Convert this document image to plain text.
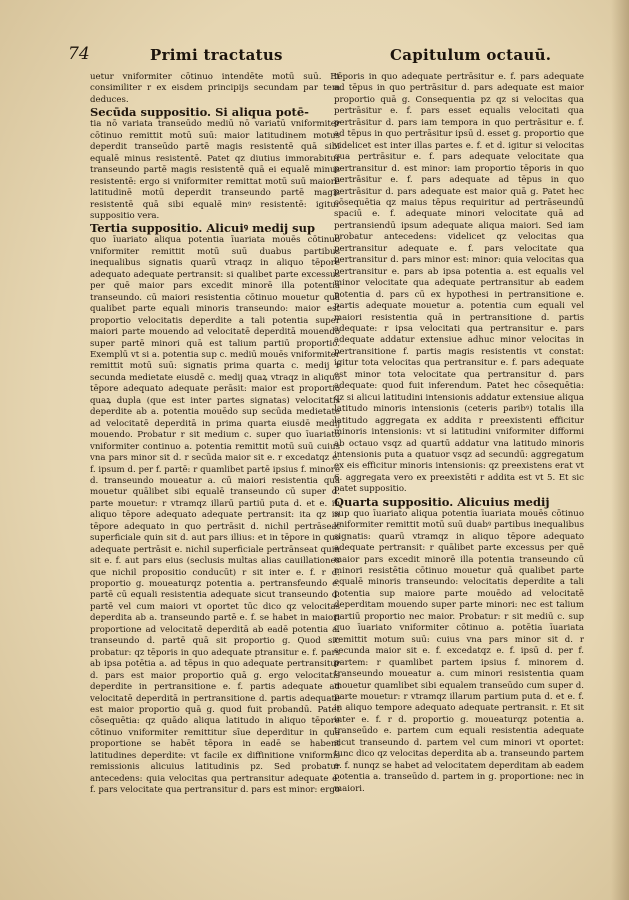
74	Primi tractatus	Capitulum octauū.

uetur vniformiter cōtinuo intendēte motū suū. Et consimiliter r ex eisdem principijs secundam par tem deduces.

Secūda suppositio. Si aliqua potē-

tia nō variata transeūdo mediū nō variatū vniformiter cōtinuo remittit motū suū: maior latitudinem motus deperdit transeūdo partē magis resistentē quā sibi equalē minus resistentē. Patet qz diutius immorabitur transeundo partē magis resistentē quā ei equalē minus resistentē: ergo si vniformiter remittat motū suū maiorē latitudinē motū deperdit transeundo partē magis resistentē quā sibi equalē minꝰ resistentē: igitur suppositio vera.

Tertia suppositio. Alicuiꝰ medij sup

quo īuariato aliqua potentia īuariata mouēs cōtinuo vniformiter remittit motū suū duabus partibus inequalibus signatis quarū vtraqz in aliquo tēpore adequato adequate pertransit: si qualibet parte excessus per quē maior pars excedit minorē illa potentia transeundo. cū maiori resistentia cōtinuo mouetur quā qualibet parte equali minoris transeundo: maior est proportio velocitatis deperdite a tali potentia super maiori parte mouendo ad velocitatē deperditā mouendo super partē minori quā est talium partiū proportio. Exemplū vt si a. potentia sup c. mediū mouēs vniformiter remittit motū suū: signatis prima quarta c. medij r secunda medietate eiusdē c. medij quaꝝ vtraqz in aliquo tēpore adequato adequate perāsit: maior est proportio quaꝝ dupla (que est inter partes signatas) velocitatis deperdite ab a. potentia mouēdo sup secūda medietate ad velocitatē deperditā in prima quarta eiusdē medij mouendo. Probatur r sit medium c. super quo īuariato vniformiter continuo a. potentia remittit motū suū cuius vna pars minor sit d. r secūda maior sit e. r excedatqz e. f. ipsum d. per f. partē: r quamlibet partē ipsius f. minorē d. transeundo moueatur a. cū maiori resistentia quā mouetur quālibet sibi equalē transeundo cū super d. parte mouetur: r vtramqz illarū partiū puta d. et e. in aliquo tēpore adequato adequate pertransit: ita qz in tēpore adequato in quo pertrāsit d. nichil pertrāseat superficiale quin sit d. aut pars illius: et in tēpore in quo adequate pertrāsit e. nichil superficiale pertrānseat quin sit e. f. aut pars eius (seclusis multas alias cauillationes que nichil propositio conducūt) r sit inter e. f. r d. proportio g. moueaturqz potentia a. pertransfeundo e. partē cū equali resistentia adequate sicut transeundo d. partē vel cum maiori vt oportet tūc dico qz velocitas deperdita ab a. transeundo partē e. f. se habet in maiori proportione ad velocitatē deperditā ab eadē potentia a. transeundo d. partē quā sit proportio g. Quod sic probatur: qz tēporis in quo adequate ptransitur e. f. pars ab ipsa potētia a. ad tēpus in quo adequate pertransitur d. pars est maior proportio quā g. ergo velocitatis deperdite in pertransitione e. f. partis adequate ad velocitatē deperditā in pertransitione d. partis adequate est maior proportio quā g. quod fuit probandū. Patet cōsequētia: qz quādo aliqua latitudo in aliquo tēpore cōtinuo vniformiter remittitur sīue deperditur in qua proportione se habēt tēpora in eadē se habent latitudines deperdite: vt facile ex diffinitione vniformis remissionis alicuius latitudinis pz. Sed probatur antecedens: quia velocitas qua pertransitur adequate e. f. pars velocitate qua pertransitur d. pars est minor: ergo

tēporis in quo adequate pertrāsitur e. f. pars adequate ad tēpus in quo pertrāsitur d. pars adequate est maior proportio quā g. Consequentia pz qz si velocitas qua pertrāsitur e. f. pars esset equalis velocitati qua pertrāsitur d. pars iam tempora in quo pertrāsitur e. f. ad tēpus in quo pertrāsitur ipsū d. esset g. proportio que videlicet est inter illas partes e. f. et d. igitur si velocitas qua pertrāsitur e. f. pars adequate velocitate qua pertransitur d. est minor: iam proportio tēporis in quo pertrāsitur e. f. pars adequate ad tēpus in quo pertrāsitur d. pars adequate est maior quā g. Patet hec cōsequētia qz maius tēpus requiritur ad pertrāseundū spaciū e. f. adequate minori velocitate quā ad pertransiendū ipsum adequate aliqua maiori. Sed iam probatur antecedens: videlicet qz velocitas qua pertransitur adequate e. f. pars velocitate qua pertransitur d. pars minor est: minor: quia velocitas qua pertransitur e. pars ab ipsa potentia a. est equalis vel minor velocitate qua adequate pertransitur ab eadem potentia d. pars cū ex hypothesi in pertransitione e. partis adequate mouetur a. potentia cum equali vel maiori resistentia quā in pertransitione d. partis adequate: r ipsa velocitati qua pertransitur e. pars adequate addatur extensiue adhuc minor velocitas in pertransitione f. partis magis resistentis vt constat: igitur tota velocitas qua pertransitur e. f. pars adequate est minor tota velocitate qua pertransitur d. pars adequate: quod fuit inferendum. Patet hec cōsequētia: qz si alicui latitudini intensionis addatur extensiue aliqua latitudo minoris intensionis (ceteris paribꝰ) totalis illa latitudo aggregata ex addita r preexistenti efficitur minoris intensionis: vt si latitudini vniformiter difformi ab octauo vsqz ad quartū addatur vna latitudo minoris intensionis puta a quatuor vsqz ad secundū: aggregatum ex eis efficitur minoris intensionis: qz preexistens erat vt 6. aggregata vero ex preexistēti r addita est vt 5. Et sic patet suppositio.

Quarta suppositio. Alicuius medij

sup quo īuariato aliqua potentia īuariata mouēs cōtinuo vniformiter remittit motū suū duabꝰ partibus inequalibus signatis: quarū vtramqz in aliquo tēpore adequato adequate pertransit: r quālibet parte excessus per quē maior pars excedit minorē illa potentia transeundo cū minori resistētia cōtinuo mouetur quā qualibet parte equalē minoris transeundo: velocitatis deperdite a tali potentia sup maiore parte mouēdo ad velocitatē deperditam mouendo super parte minori: nec est talium partiū proportio nec maior. Probatur: r sit mediū c. sup quo īuariato vniformiter cōtinuo a. potētia īuariata remittit motum suū: cuius vna pars minor sit d. r secunda maior sit e. f. excedatqz e. f. ipsū d. per f. partem: r quamlibet partem ipsius f. minorem d. transeundo moueatur a. cum minori resistentia quam mouetur quamlibet sibi equalem transeūdo cum super d. parte mouetur: r vtramqz illarum partium puta d. et e. f. in aliquo tempore adequato adequate pertransit. r. Et sit inter e. f. r d. proportio g. moueaturqz potentia a. transeūdo e. partem cum equali resistentia adequate sicut transeundo d. partem vel cum minori vt oportet: tunc dico qz velocitas deperdita ab a. transeundo partem e. f. nunqz se habet ad velocitatem deperditam ab eadem potentia a. transeūdo d. partem in g. proportione: nec in maiori.
